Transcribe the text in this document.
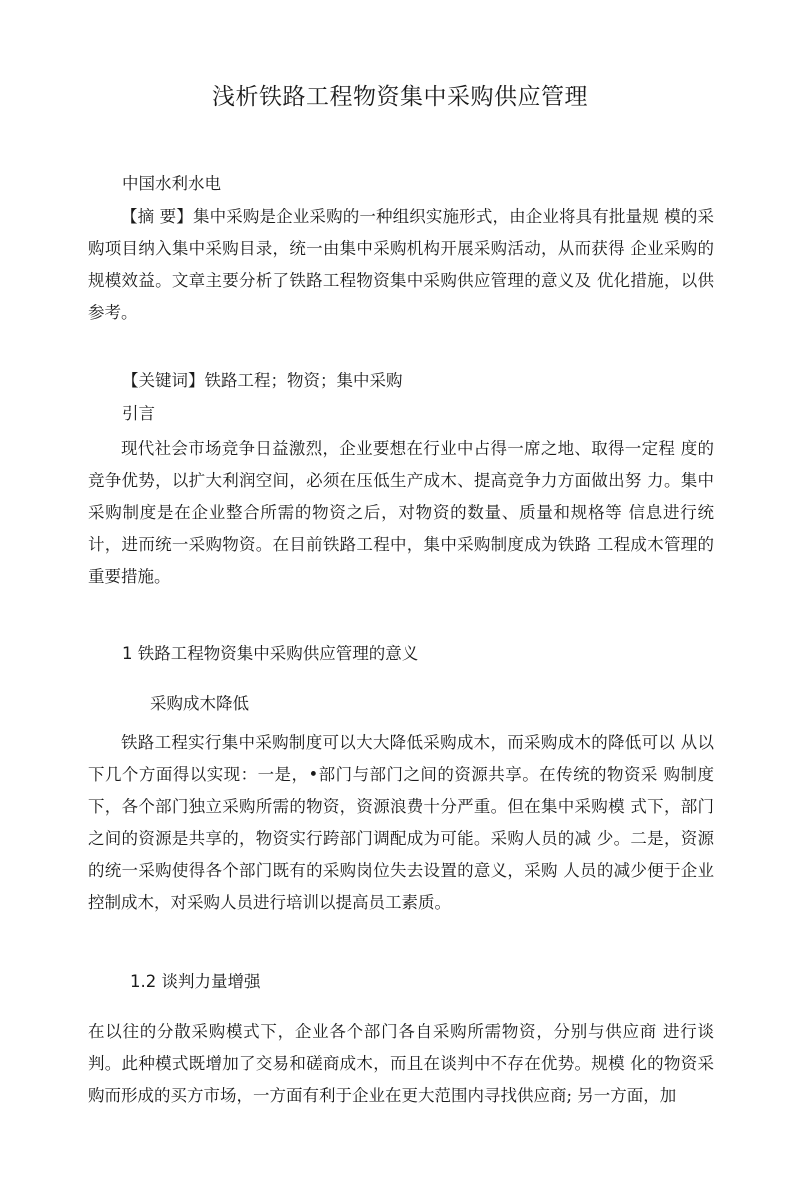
浅析铁路工程物资集中采购供应管理
中国水利水电

【摘 要】集中采购是企业采购的一种组织实施形式，由企业将具有批量规 模的采购项目纳入集中采购目录，统一由集中采购机构开展采购活动，从而获得 企业采购的规模效益。文章主要分析了铁路工程物资集中采购供应管理的意义及 优化措施，以供参考。

【关键词】铁路工程；物资；集中采购
引言

现代社会市场竞争日益激烈，企业要想在行业中占得一席之地、取得一定程 度的竞争优势，以扩大利润空间，必须在压低生产成木、提高竞争力方面做出努 力。集中采购制度是在企业整合所需的物资之后，对物资的数量、质量和规格等 信息进行统计，进而统一采购物资。在目前铁路工程中，集中采购制度成为铁路 工程成木管理的重要措施。

1 铁路工程物资集中采购供应管理的意义
采购成木降低

铁路工程实行集中采购制度可以大大降低采购成木，而采购成木的降低可以 从以下几个方面得以实现：一是，•部门与部门之间的资源共享。在传统的物资采 购制度下，各个部门独立采购所需的物资，资源浪费十分严重。但在集中采购模 式下，部门之间的资源是共享的，物资实行跨部门调配成为可能。采购人员的减 少。二是，资源的统一采购使得各个部门既有的采购岗位失去设置的意义，采购 人员的减少便于企业控制成木，对采购人员进行培训以提高员工素质。

1.2 谈判力量增强

在以往的分散采购模式下，企业各个部门各自采购所需物资，分别与供应商 进行谈判。此种模式既增加了交易和磋商成木，而且在谈判中不存在优势。规模 化的物资采购而形成的买方市场，一方面有利于企业在更大范围内寻找供应商; 另一方面，加
